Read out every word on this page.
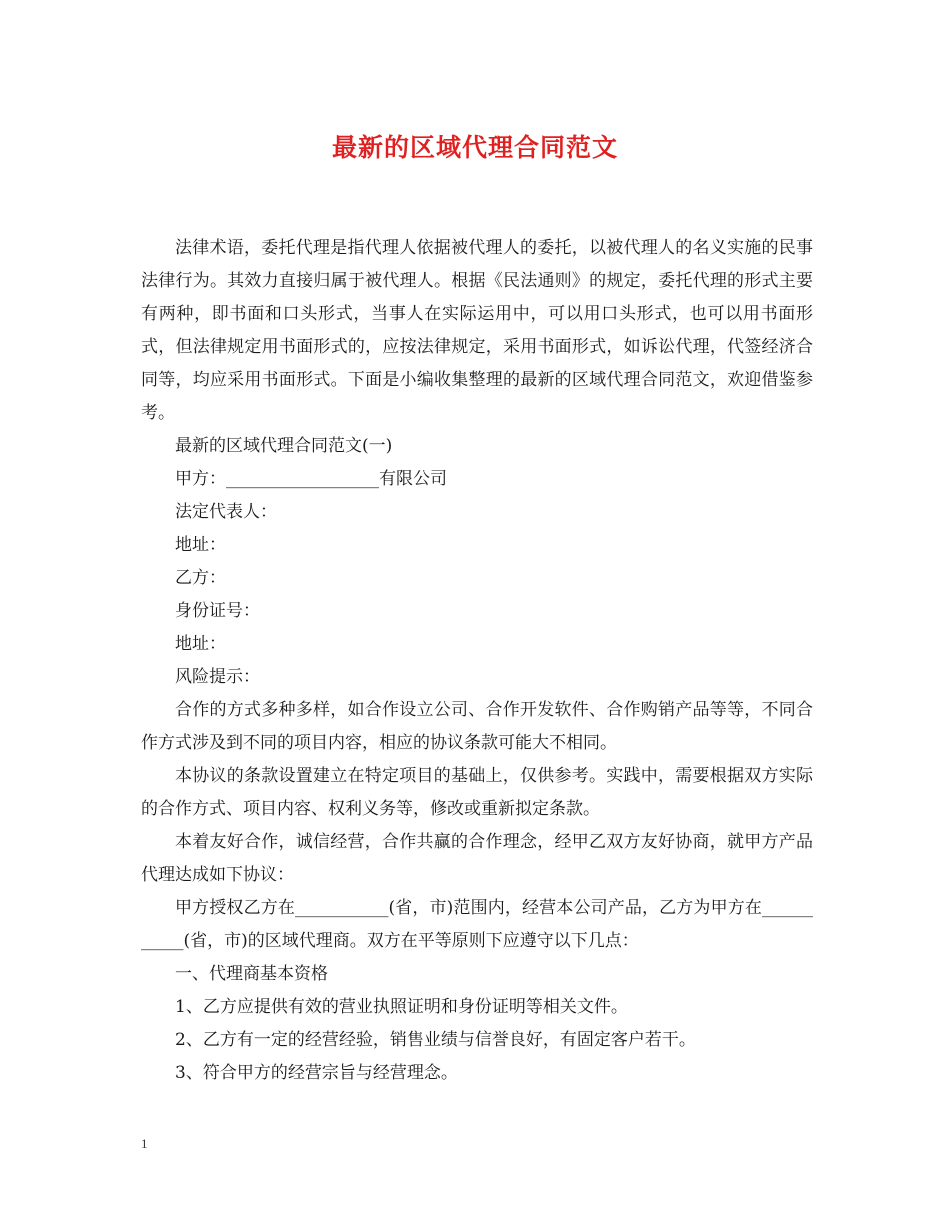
最新的区域代理合同范文

法律术语，委托代理是指代理人依据被代理人的委托，以被代理人的名义实施的民事法律行为。其效力直接归属于被代理人。根据《民法通则》的规定，委托代理的形式主要有两种，即书面和口头形式，当事人在实际运用中，可以用口头形式，也可以用书面形式，但法律规定用书面形式的，应按法律规定，采用书面形式，如诉讼代理，代签经济合同等，均应采用书面形式。下面是小编收集整理的最新的区域代理合同范文，欢迎借鉴参考。

最新的区域代理合同范文(一)

甲方：__________________有限公司

法定代表人：

地址：

乙方：

身份证号：

地址：

风险提示：

合作的方式多种多样，如合作设立公司、合作开发软件、合作购销产品等等，不同合作方式涉及到不同的项目内容，相应的协议条款可能大不相同。

本协议的条款设置建立在特定项目的基础上，仅供参考。实践中，需要根据双方实际的合作方式、项目内容、权利义务等，修改或重新拟定条款。

本着友好合作，诚信经营，合作共赢的合作理念，经甲乙双方友好协商，就甲方产品代理达成如下协议：

甲方授权乙方在___________(省，市)范围内，经营本公司产品，乙方为甲方在___________(省，市)的区域代理商。双方在平等原则下应遵守以下几点：

一、代理商基本资格

1、乙方应提供有效的营业执照证明和身份证明等相关文件。

2、乙方有一定的经营经验，销售业绩与信誉良好，有固定客户若干。

3、符合甲方的经营宗旨与经营理念。

1
